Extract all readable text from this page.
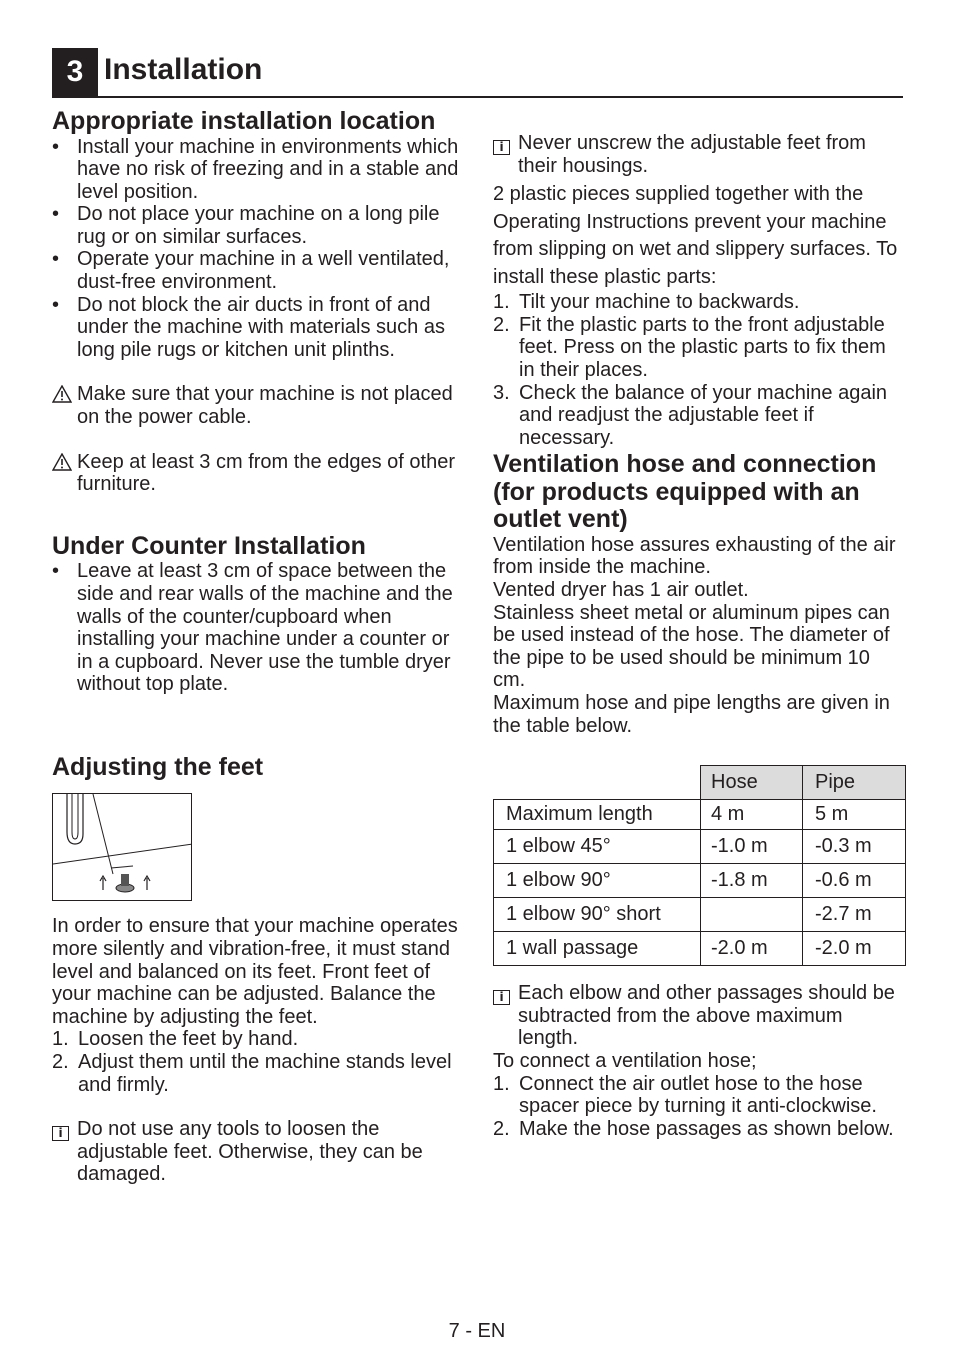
3 Installation
Appropriate installation location
• Install your machine in environments which have no risk of freezing and in a stable and level position.
• Do not place your machine on a long pile rug or on similar surfaces.
• Operate your machine in a well ventilated, dust-free environment.
• Do not block the air ducts in front of and under the machine with materials such as long pile rugs or kitchen unit plinths.
Make sure that your machine is not placed on the power cable.
Keep at least 3 cm from the edges of other furniture.
Under Counter Installation
• Leave at least 3 cm of space between the side and rear walls of the machine and the walls of the counter/cupboard when installing your machine under a counter or in a cupboard. Never use the tumble dryer without top plate.
Adjusting the feet
In order to ensure that your machine operates more silently and vibration-free, it must stand level and balanced on its feet. Front feet of your machine can be adjusted. Balance the machine by adjusting the feet.
1. Loosen the feet by hand.
2. Adjust them until the machine stands level and firmly.
i Do not use any tools to loosen the adjustable feet. Otherwise, they can be damaged.
i Never unscrew the adjustable feet from their housings.
2 plastic pieces supplied together with the Operating Instructions prevent your machine from slipping on wet and slippery surfaces. To install these plastic parts:
1. Tilt your machine to backwards.
2. Fit the plastic parts to the front adjustable feet. Press on the plastic parts to fix them in their places.
3. Check the balance of your machine again and readjust the adjustable feet if necessary.
Ventilation hose and connection (for products equipped with an outlet vent)
Ventilation hose assures exhausting of the air from inside the machine.
Vented dryer has 1 air outlet.
Stainless sheet metal or aluminum pipes can be used instead of the hose. The diameter of the pipe to be used should be minimum 10 cm.
Maximum hose and pipe lengths are given in the table below.
	Hose	Pipe
Maximum length	4 m	5 m
1 elbow 45°	-1.0 m	-0.3 m
1 elbow 90°	-1.8 m	-0.6 m
1 elbow 90° short		-2.7 m
1 wall passage	-2.0 m	-2.0 m
i Each elbow and other passages should be subtracted from the above maximum length.
To connect a ventilation hose;
1. Connect the air outlet hose to the hose spacer piece by turning it anti-clockwise.
2. Make the hose passages as shown below.
7 - EN
